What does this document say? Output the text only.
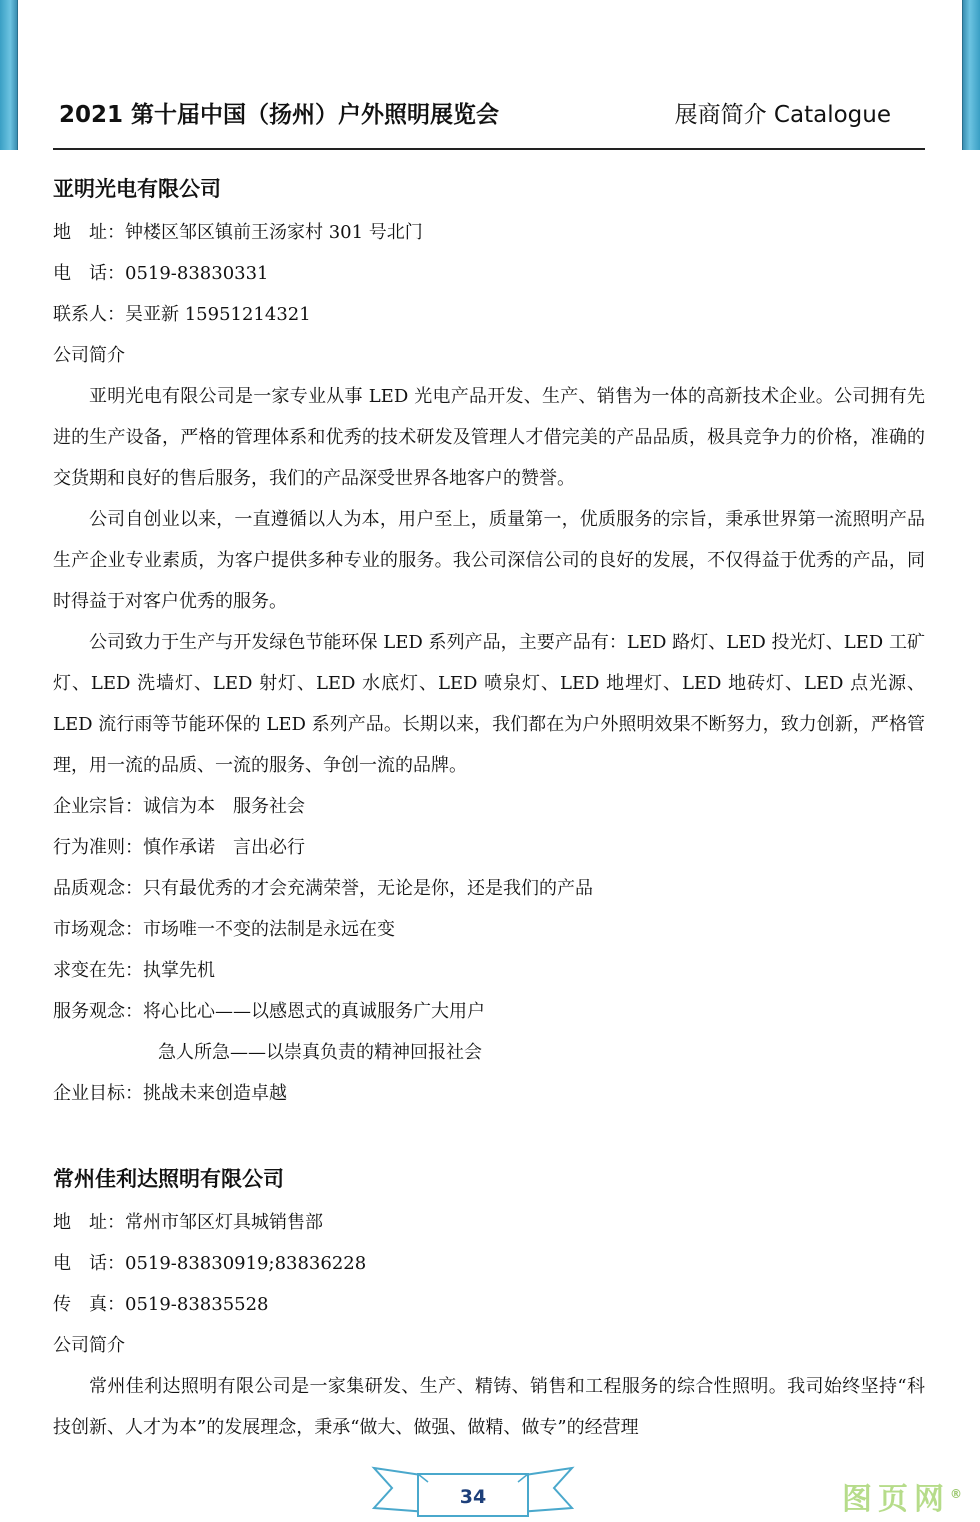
2021 第十届中国（扬州）户外照明展览会	展商简介 Catalogue
亚明光电有限公司
地　址：钟楼区邹区镇前王汤家村 301 号北门
电　话：0519-83830331
联系人：吴亚新 15951214321
公司简介

亚明光电有限公司是一家专业从事 LED 光电产品开发、生产、销售为一体的高新技术企业。公司拥有先进的生产设备，严格的管理体系和优秀的技术研发及管理人才借完美的产品品质，极具竞争力的价格，准确的交货期和良好的售后服务，我们的产品深受世界各地客户的赞誉。

公司自创业以来，一直遵循以人为本，用户至上，质量第一，优质服务的宗旨，秉承世界第一流照明产品生产企业专业素质，为客户提供多种专业的服务。我公司深信公司的良好的发展，不仅得益于优秀的产品，同时得益于对客户优秀的服务。

公司致力于生产与开发绿色节能环保 LED 系列产品，主要产品有：LED 路灯、LED 投光灯、LED 工矿灯、LED 洗墙灯、LED 射灯、LED 水底灯、LED 喷泉灯、LED 地埋灯、LED 地砖灯、LED 点光源、LED 流行雨等节能环保的 LED 系列产品。长期以来，我们都在为户外照明效果不断努力，致力创新，严格管理，用一流的品质、一流的服务、争创一流的品牌。

企业宗旨：诚信为本　服务社会
行为准则：慎作承诺　言出必行
品质观念：只有最优秀的才会充满荣誉，无论是你，还是我们的产品
市场观念：市场唯一不变的法制是永远在变
求变在先：执掌先机
服务观念：将心比心——以感恩式的真诚服务广大用户
急人所急——以崇真负责的精神回报社会
企业目标：挑战未来创造卓越
常州佳利达照明有限公司
地　址：常州市邹区灯具城销售部
电　话：0519-83830919;83836228
传　真：0519-83835528
公司简介

常州佳利达照明有限公司是一家集研发、生产、精铸、销售和工程服务的综合性照明。我司始终坚持“科技创新、人才为本”的发展理念，秉承“做大、做强、做精、做专”的经营理

34	图页网®
